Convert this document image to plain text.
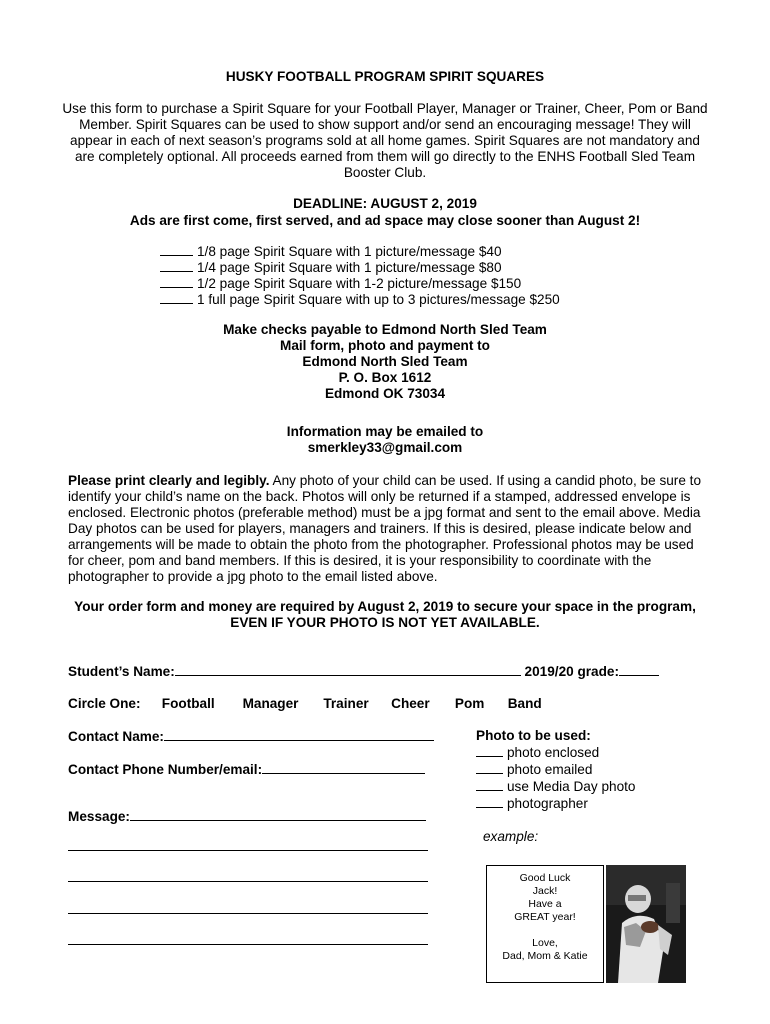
HUSKY FOOTBALL PROGRAM SPIRIT SQUARES
Use this form to purchase a Spirit Square for your Football Player, Manager or Trainer, Cheer, Pom or Band Member. Spirit Squares can be used to show support and/or send an encouraging message! They will appear in each of next season’s programs sold at all home games. Spirit Squares are not mandatory and are completely optional. All proceeds earned from them will go directly to the ENHS Football Sled Team Booster Club.
DEADLINE: AUGUST 2, 2019
Ads are first come, first served, and ad space may close sooner than August 2!
1/8 page Spirit Square with 1 picture/message $40
1/4 page Spirit Square with 1 picture/message $80
1/2 page Spirit Square with 1-2 picture/message $150
1 full page Spirit Square with up to 3 pictures/message $250
Make checks payable to Edmond North Sled Team
Mail form, photo and payment to
Edmond North Sled Team
P. O. Box 1612
Edmond OK 73034
Information may be emailed to
smerkley33@gmail.com
Please print clearly and legibly. Any photo of your child can be used. If using a candid photo, be sure to identify your child’s name on the back. Photos will only be returned if a stamped, addressed envelope is enclosed. Electronic photos (preferable method) must be a jpg format and sent to the email above. Media Day photos can be used for players, managers and trainers. If this is desired, please indicate below and arrangements will be made to obtain the photo from the photographer. Professional photos may be used for cheer, pom and band members. If this is desired, it is your responsibility to coordinate with the photographer to provide a jpg photo to the email listed above.
Your order form and money are required by August 2, 2019 to secure your space in the program,
EVEN IF YOUR PHOTO IS NOT YET AVAILABLE.
Student’s Name:	2019/20 grade:
Circle One: Football Manager Trainer Cheer Pom Band
Contact Name:
Contact Phone Number/email:
Message:
Photo to be used:
photo enclosed
photo emailed
use Media Day photo
photographer
example:
Good Luck
Jack!
Have a
GREAT year!
Love,
Dad, Mom & Katie
